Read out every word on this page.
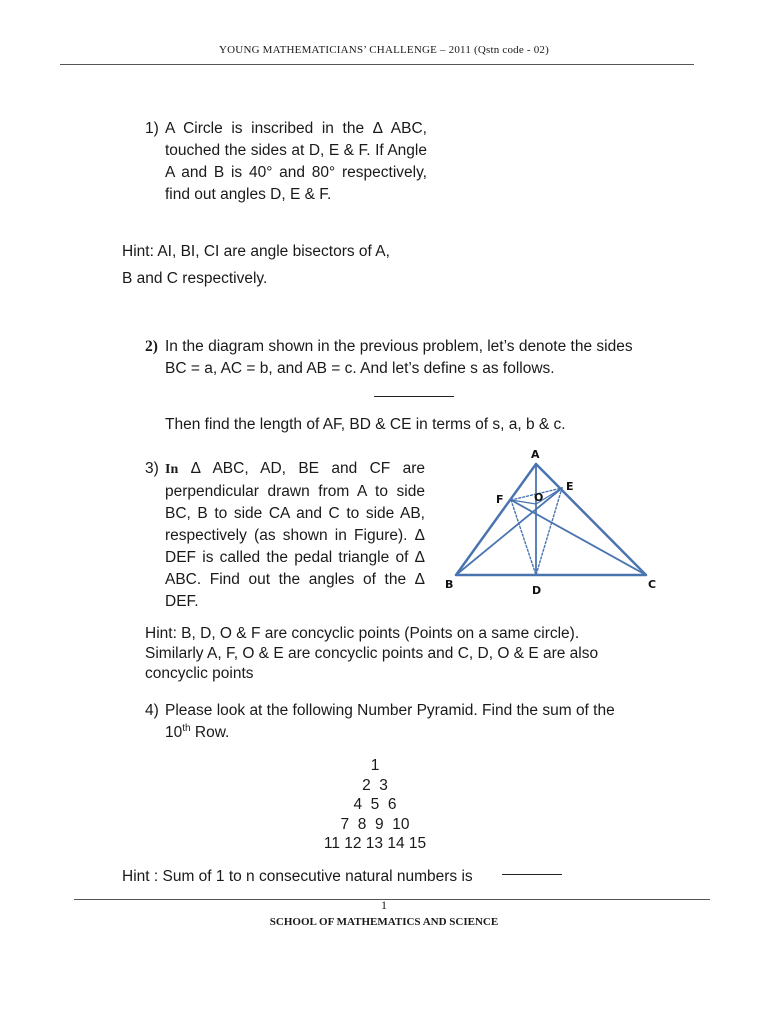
YOUNG MATHEMATICIANS’ CHALLENGE – 2011 (Qstn code - 02)
1) A Circle is inscribed in the Δ ABC, touched the sides at D, E & F. If Angle A and B is 40° and 80° respectively, find out angles D, E & F.
Hint: AI, BI, CI are angle bisectors of A,
B and C respectively.
2) In the diagram shown in the previous problem, let’s denote the sides BC = a, AC = b, and AB = c. And let’s define s as follows.
Then find the length of AF, BD & CE in terms of s, a, b & c.
3) In Δ ABC, AD, BE and CF are perpendicular drawn from A to side BC, B to side CA and C to side AB, respectively (as shown in Figure). Δ DEF is called the pedal triangle of Δ ABC. Find out the angles of the Δ DEF.
A
B	C
D
E
F	O
Hint: B, D, O & F are concyclic points (Points on a same circle). Similarly A, F, O & E are concyclic points and C, D, O & E are also concyclic points
4) Please look at the following Number Pyramid. Find the sum of the 10th Row.
1
2  3
4  5  6
7  8  9  10
11 12 13 14 15
Hint : Sum of 1 to n consecutive natural numbers is
1
SCHOOL OF MATHEMATICS AND SCIENCE
